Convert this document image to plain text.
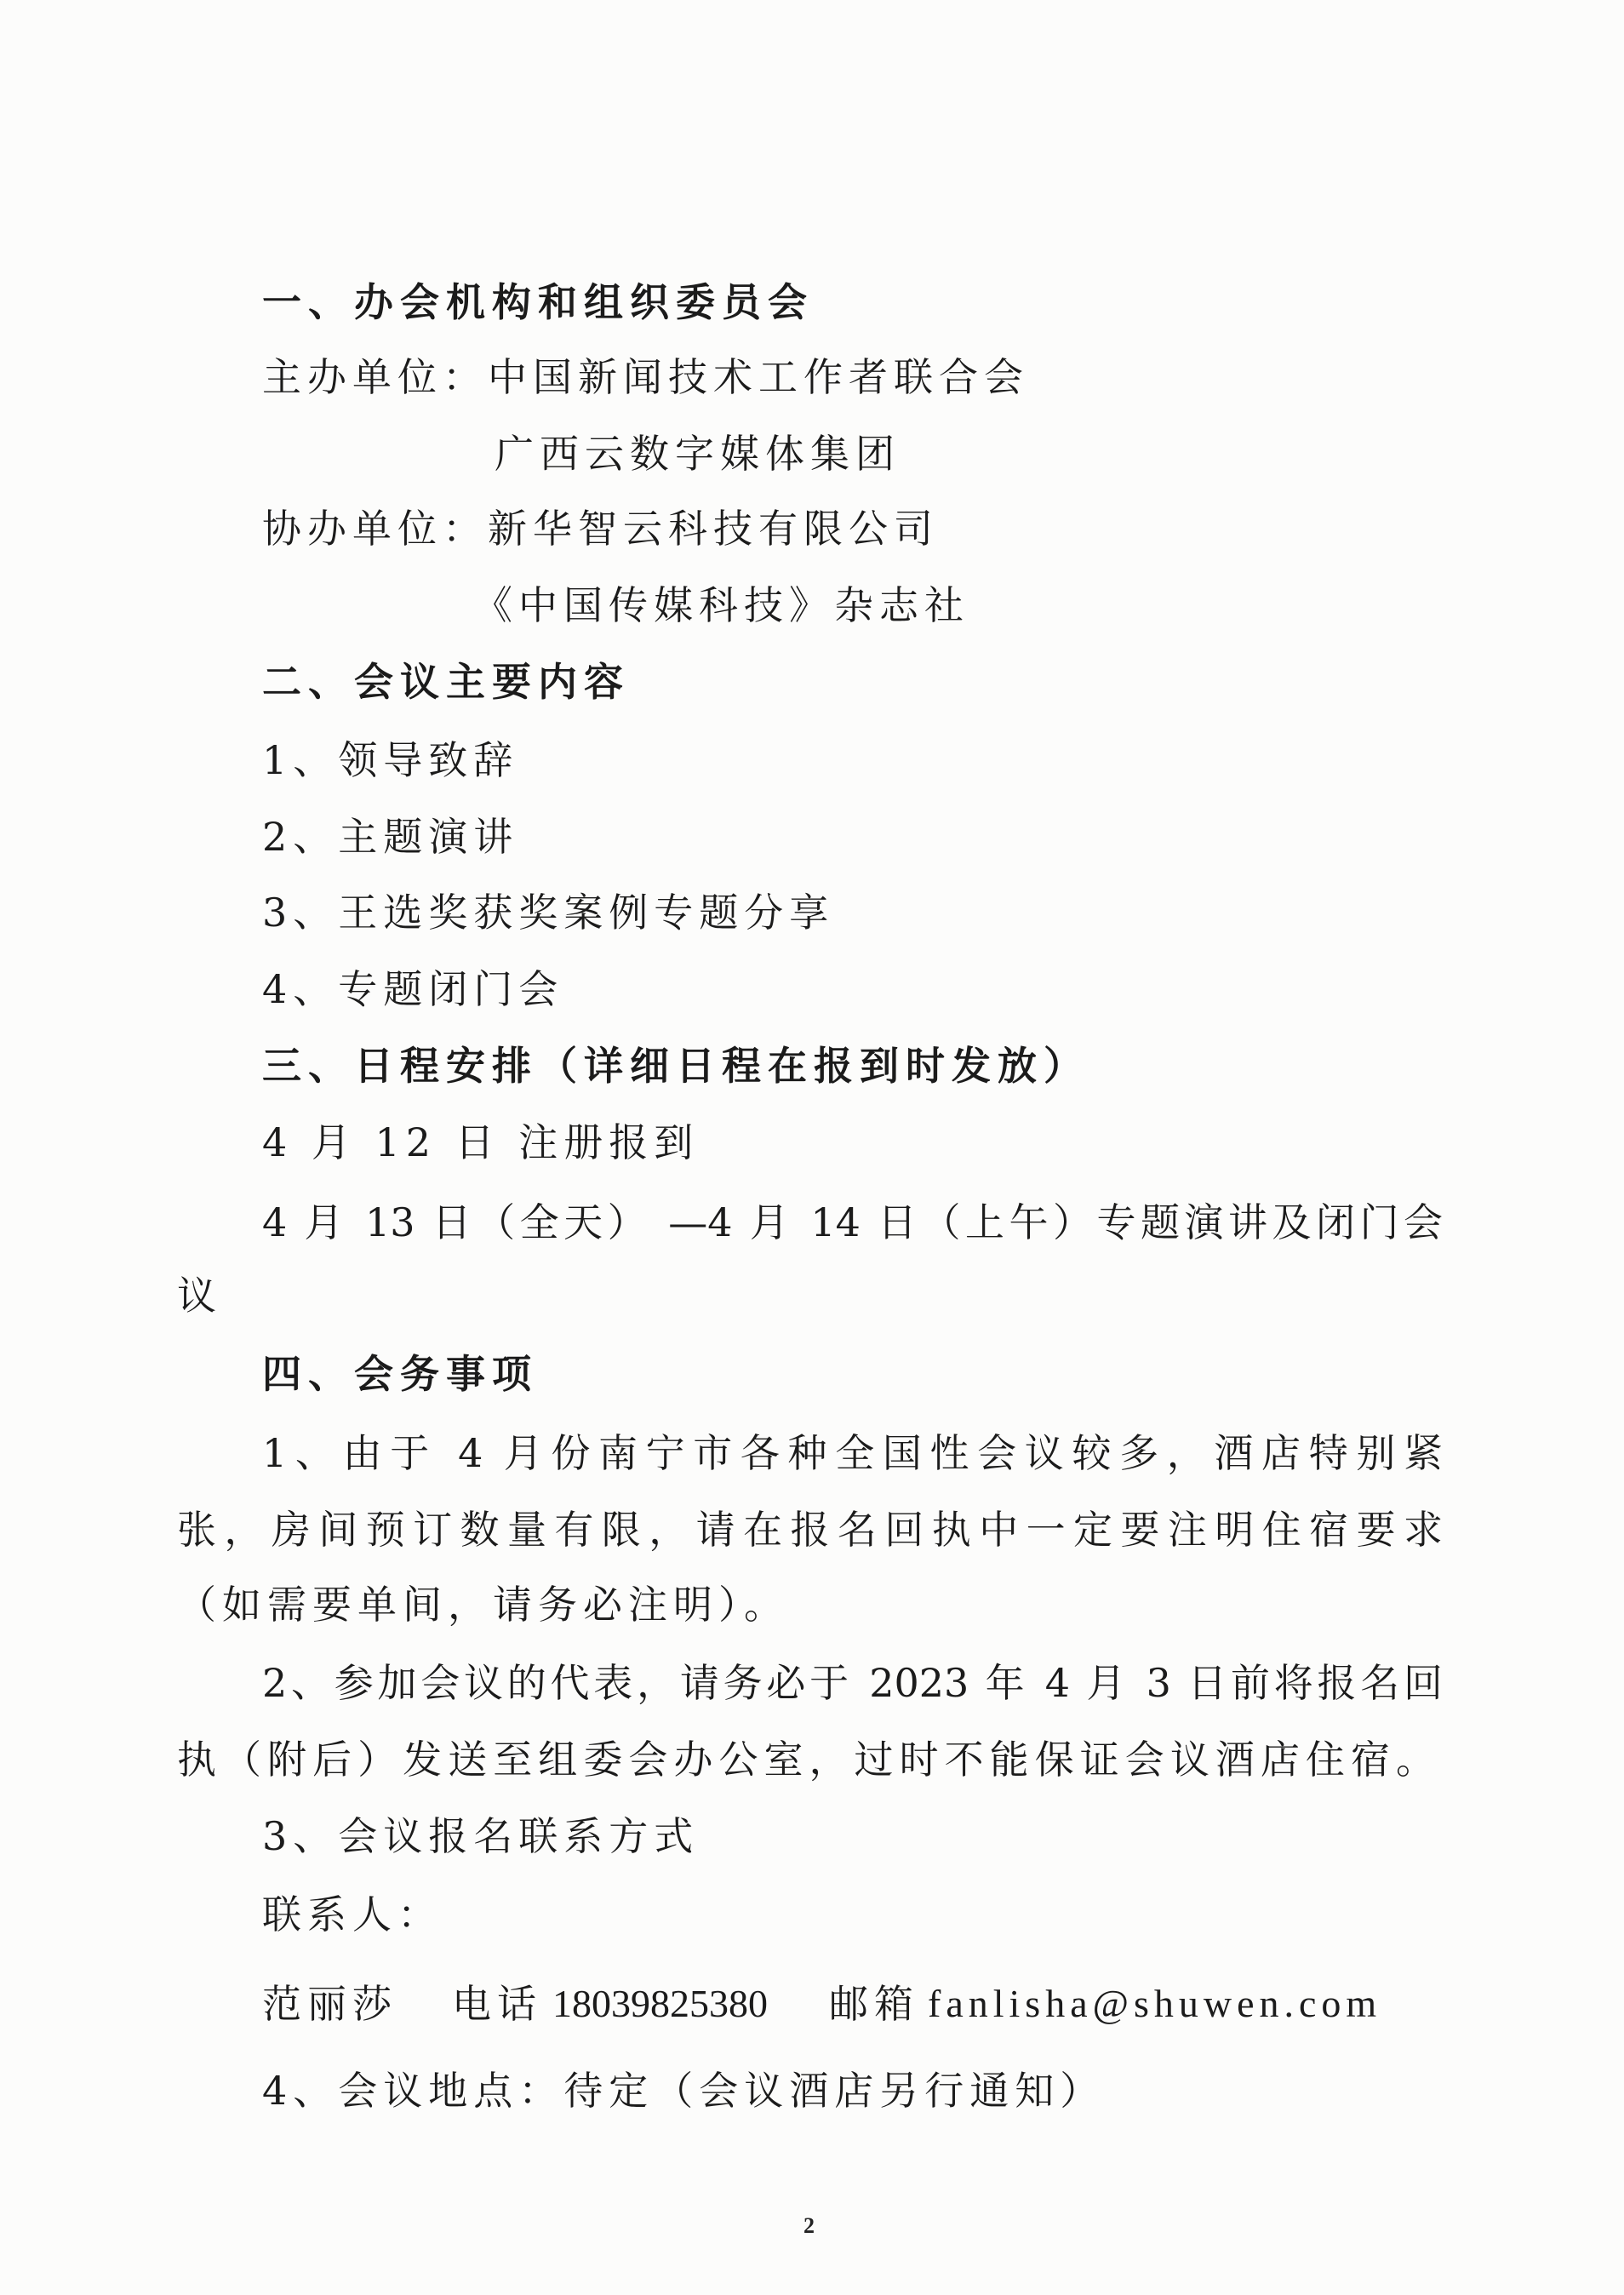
一、办会机构和组织委员会
主办单位：中国新闻技术工作者联合会
广西云数字媒体集团
协办单位：新华智云科技有限公司
《中国传媒科技》杂志社
二、会议主要内容
1、领导致辞
2、主题演讲
3、王选奖获奖案例专题分享
4、专题闭门会
三、日程安排（详细日程在报到时发放）
4 月 12 日 注册报到
4 月 13 日（全天） —4 月 14 日（上午）专题演讲及闭门会
议
四、会务事项
1、由于 4 月份南宁市各种全国性会议较多，酒店特别紧
张，房间预订数量有限，请在报名回执中一定要注明住宿要求
（如需要单间，请务必注明）。
2、参加会议的代表，请务必于 2023 年 4 月 3 日前将报名回
执（附后）发送至组委会办公室，过时不能保证会议酒店住宿。
3、会议报名联系方式
联系人：
范丽莎 电话 18039825380 邮箱 fanlisha@shuwen.com
4、会议地点：待定（会议酒店另行通知）
2
